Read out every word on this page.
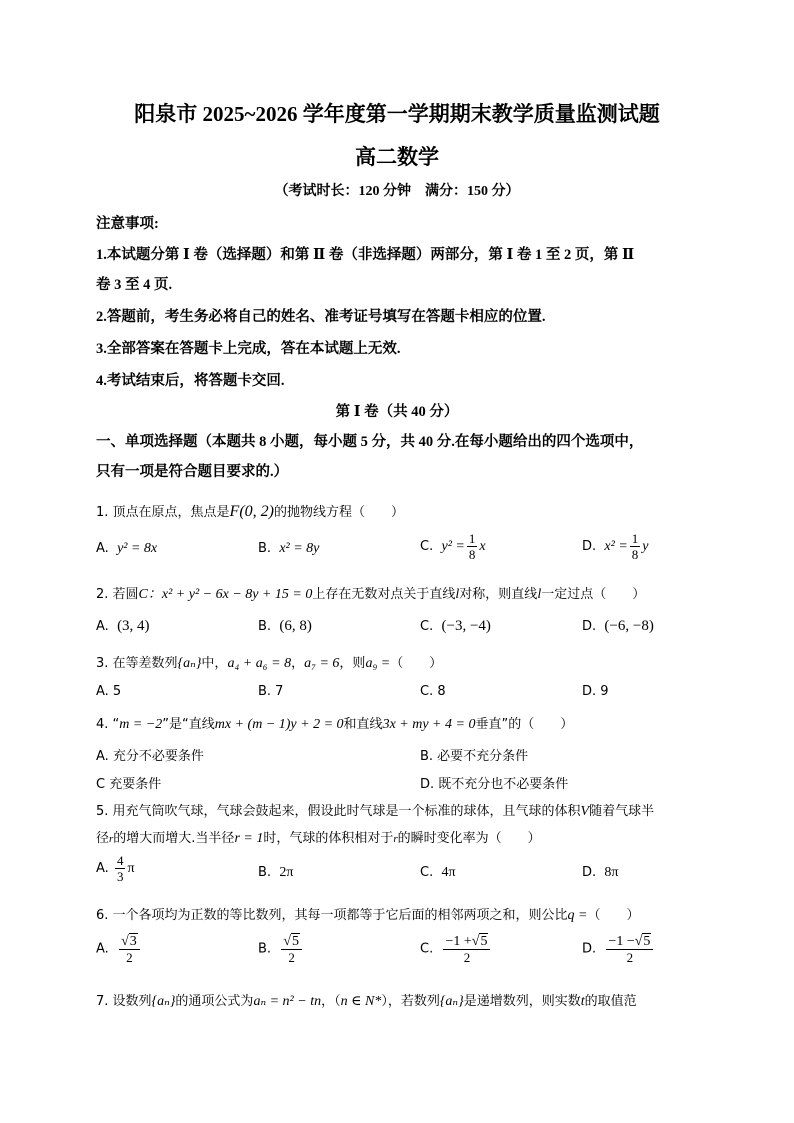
阳泉市 2025~2026 学年度第一学期期末教学质量监测试题
高二数学
（考试时长：120 分钟　满分：150 分）
注意事项:
1.本试题分第 Ⅰ 卷（选择题）和第 Ⅱ 卷（非选择题）两部分，第 Ⅰ 卷 1 至 2 页，第 Ⅱ
卷 3 至 4 页.
2.答题前，考生务必将自己的姓名、准考证号填写在答题卡相应的位置.
3.全部答案在答题卡上完成，答在本试题上无效.
4.考试结束后，将答题卡交回.
第 Ⅰ 卷（共 40 分）
一、单项选择题（本题共 8 小题，每小题 5 分，共 40 分.在每小题给出的四个选项中，
只有一项是符合题目要求的.）
1. 顶点在原点，焦点是F(0, 2)的抛物线方程（　　）
A. y² = 8x	B. x² = 8y	C. $y^2 = \frac{1}{8}$ x	D. $x^2 = \frac{1}{8}$ y
2. 若圆C：x² + y² − 6x − 8y + 15 = 0上存在无数对点关于直线l对称，则直线l一定过点（　　）
A. (3, 4)	B. (6, 8)	C. (−3, −4)	D. (−6, −8)
3. 在等差数列{aₙ}中，a₄ + a₆ = 8，a₇ = 6，则a₉ =（　　）
A. 5	B. 7	C. 8	D. 9
4. “m = −2”是“直线mx + (m − 1)y + 2 = 0和直线3x + my + 4 = 0垂直”的（　　）
A. 充分不必要条件	B. 必要不充分条件
C 充要条件	D. 既不充分也不必要条件
5. 用充气筒吹气球，气球会鼓起来，假设此时气球是一个标准的球体，且气球的体积V随着气球半
径r的增大而增大.当半径r = 1时，气球的体积相对于r的瞬时变化率为（　　）
A. $\frac{4}{3}$ π	B. 2π	C. 4π	D. 8π
6. 一个各项均为正数的等比数列，其每一项都等于它后面的相邻两项之和，则公比q =（　　）
A. $\frac{√3}{2}$	B. $\frac{√5}{2}$	C. $\frac{-1 +√5}{2}$	D. $\frac{-1 -√5}{2}$
7. 设数列{aₙ}的通项公式为aₙ = n² − tn，（n ∈ N*），若数列{aₙ}是递增数列，则实数t的取值范
